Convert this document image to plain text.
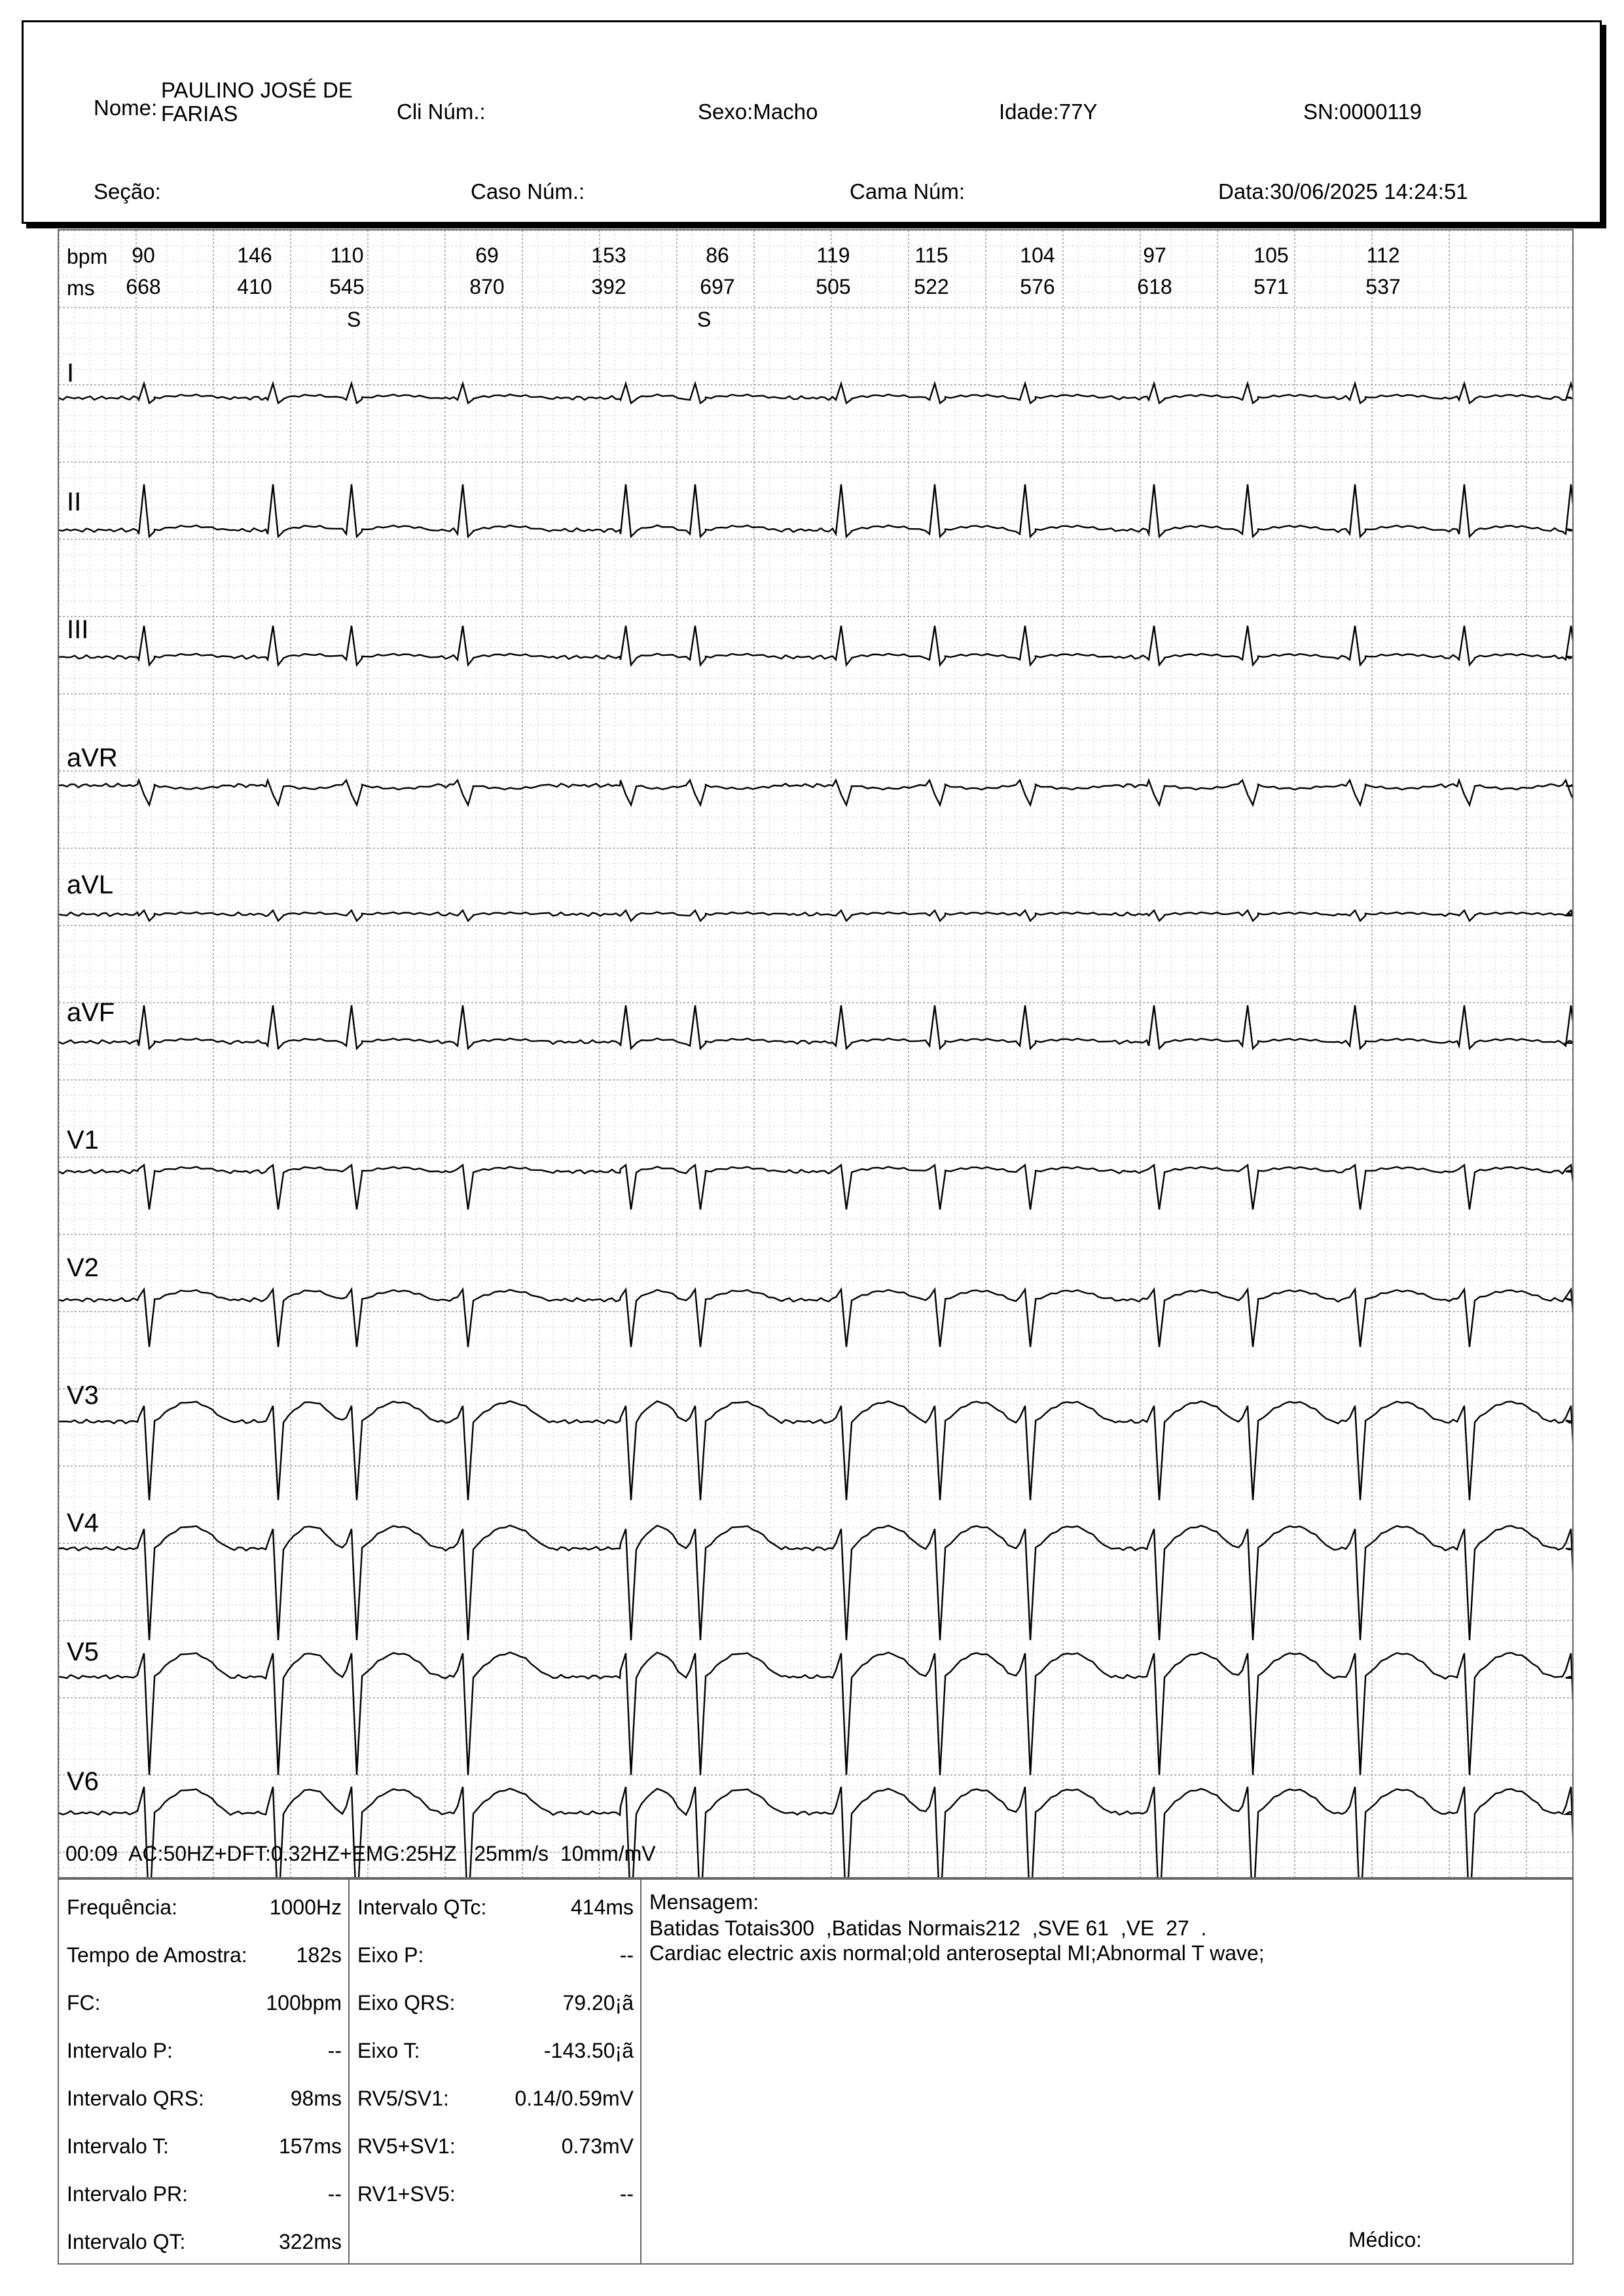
Nome:
PAULINO JOSÉ DE FARIAS	Cli Núm.:	Sexo:Macho	Idade:77Y	SN:0000119
Seção:	Caso Núm.:	Cama Núm:	Data:30/06/2025 14:24:51
bpm
ms
90	146	110	69	153	86	119	115	104	97	105	112
668	410	545	870	392	697	505	522	576	618	571	537
S	S
I
II
III
aVR
aVL
aVF
V1
V2
V3
V4
V5
V6
00:09 AC:50HZ+DFT:0.32HZ+EMG:25HZ 25mm/s 10mm/mV
Frequência:	1000Hz
Tempo de Amostra: 182s
FC:	100bpm
Intervalo P:	--
Intervalo QRS:	98ms
Intervalo T:	157ms
Intervalo PR:	--
Intervalo QT:	322ms
Intervalo QTc:	414ms
Eixo P:	--
Eixo QRS:	79.20¡ã
Eixo T:	-143.50¡ã
RV5/SV1:	0.14/0.59mV
RV5+SV1:	0.73mV
RV1+SV5:	--
Mensagem:
Batidas Totais300  ,Batidas Normais212  ,SVE 61  ,VE  27  .
Cardiac electric axis normal;old anteroseptal MI;Abnormal T wave;
Médico:
